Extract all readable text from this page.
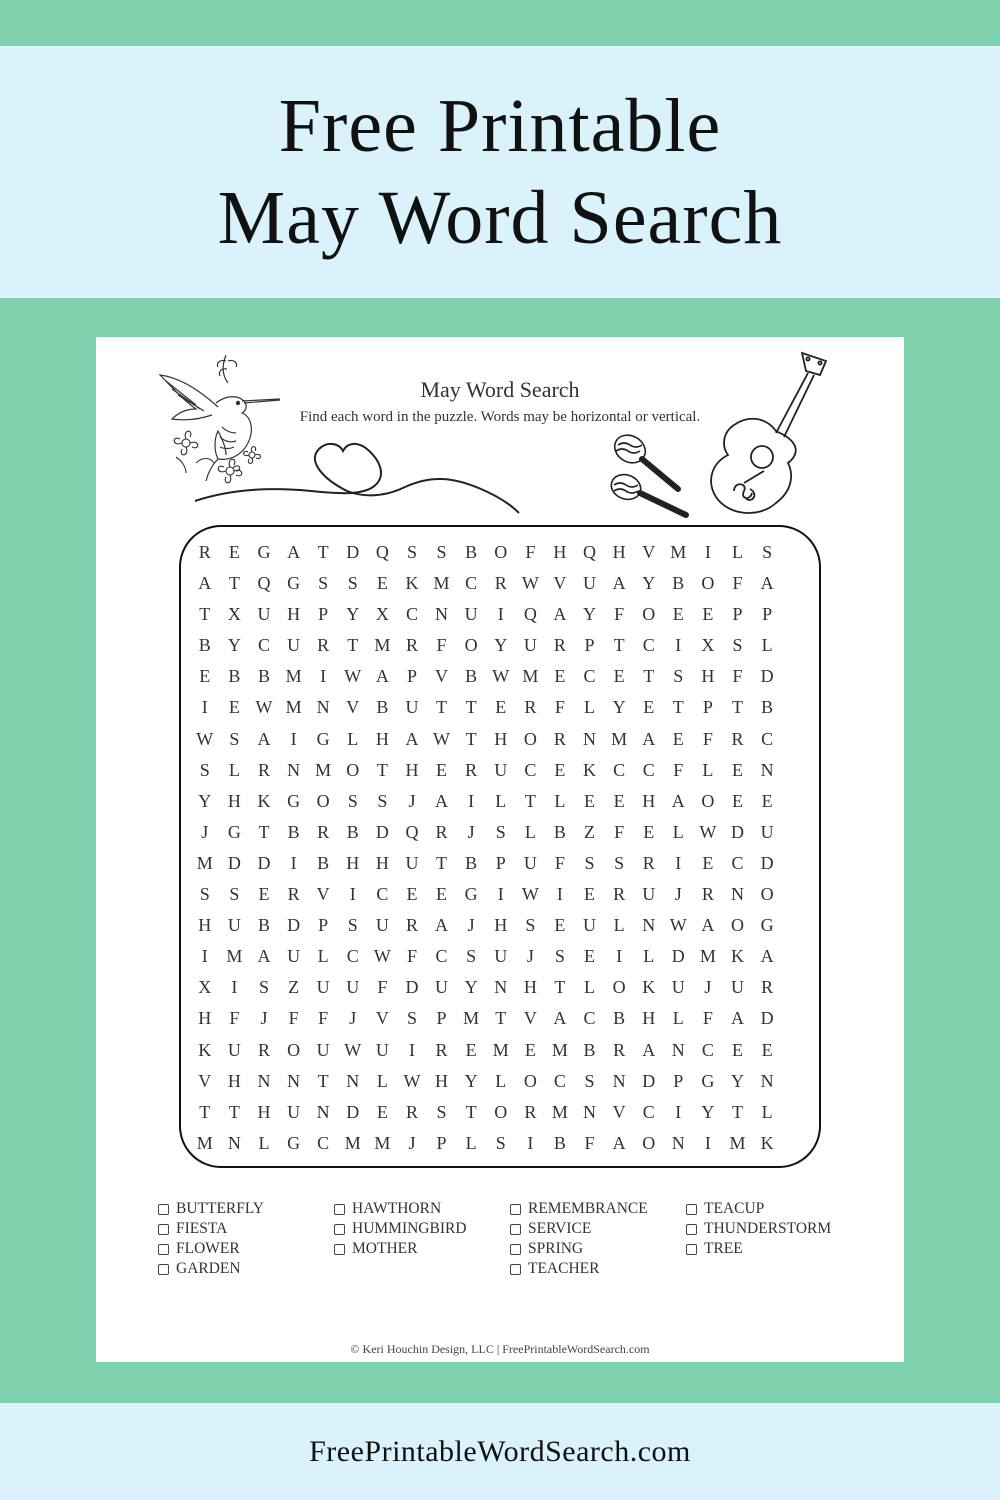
Free Printable
May Word Search
May Word Search
Find each word in the puzzle. Words may be horizontal or vertical.
R	E G A T D Q	S	S	B O	F	H Q H V M	I	L	S
A T Q G	S	S	E K M C R W V U A Y B O	F	A
T X U H	P	Y X C N U	I	Q A Y	F	O E	E	P	P
B Y C U R	T M R	F	O Y U R	P	T	C	I	X	S	L
E	B B M	I	W A	P	V B W M E	C	E	T	S	H	F	D
I	E W M N V B U T	T	E	R	F	L Y E	T	P	T	B
W S	A	I	G L H A W T H O R N M A E	F	R C
S	L	R N M O T H E	R U C	E K C C	F	L	E N
Y H K G O	S	S	J	A	I	L	T	L	E	E H A O E	E
J	G T	B R B D Q R	J	S	L	B	Z	F	E	L W D U
M D D	I	B H H U T	B	P	U	F	S	S	R	I	E	C D
S	S	E	R V	I	C	E	E G	I	W	I	E	R U	J	R N O
H U B D	P	S	U R A	J	H	S	E U L N W A O G
I	M A U L	C W F	C	S	U	J	S	E	I	L D M K A
X	I	S	Z U U	F	D U Y N H T	L O K U	J	U R
H	F	J	F	F	J	V	S	P M T V A C B H L	F	A D
K U R O U W U	I	R	E M E M B R A N C	E	E
V H N N T N L W H Y L O C	S	N D	P	G Y N
T	T H U N D E	R	S	T O R M N V C	I	Y T	L
M N L G C M M	J	P	L	S	I	B	F	A O N	I	M K
BUTTERFLY
FIESTA
FLOWER
GARDEN
HAWTHORN
HUMMINGBIRD
MOTHER
REMEMBRANCE
SERVICE
SPRING
TEACHER
TEACUP
THUNDERSTORM
TREE
© Keri Houchin Design, LLC | FreePrintableWordSearch.com
FreePrintableWordSearch.com
